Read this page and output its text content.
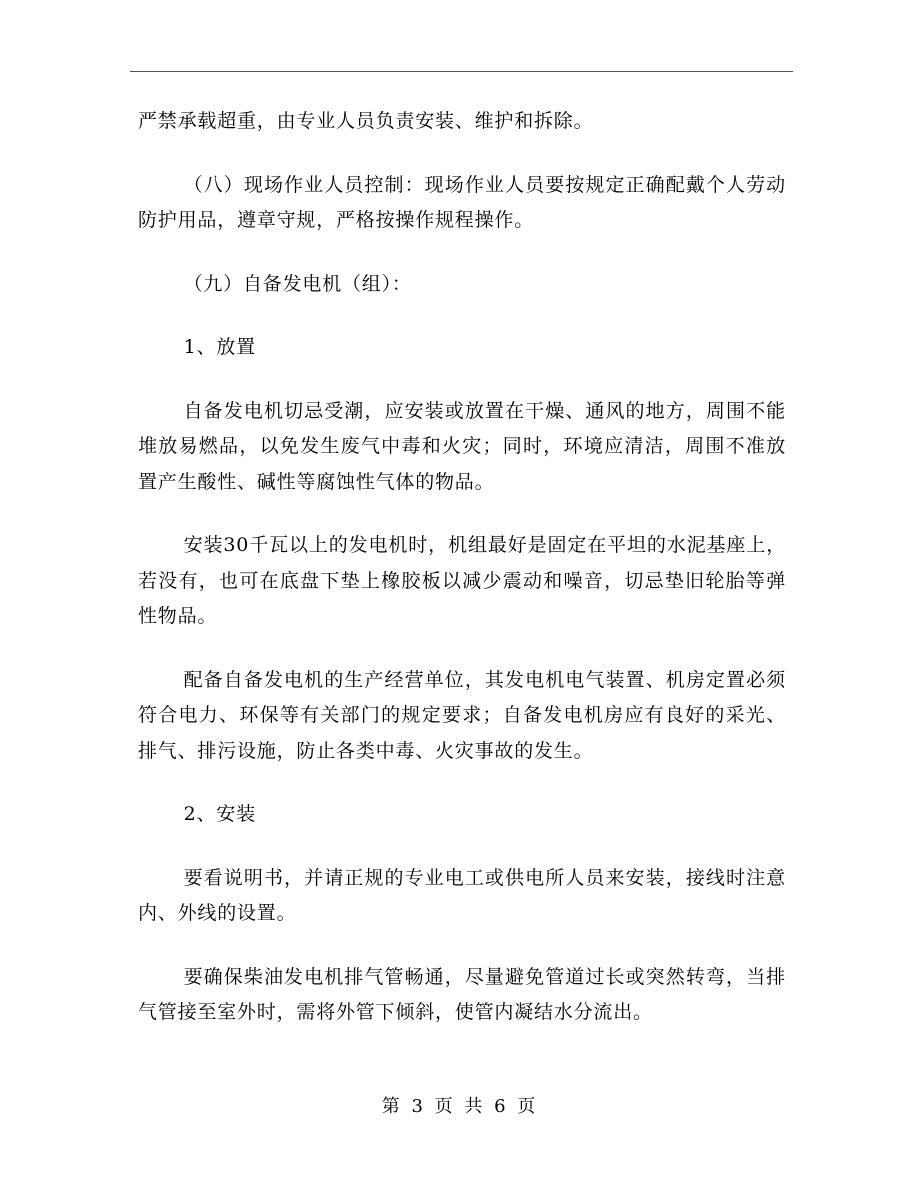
严禁承载超重，由专业人员负责安装、维护和拆除。

（八）现场作业人员控制：现场作业人员要按规定正确配戴个人劳动防护用品，遵章守规，严格按操作规程操作。

（九）自备发电机（组）：

1、放置

自备发电机切忌受潮，应安装或放置在干燥、通风的地方，周围不能堆放易燃品，以免发生废气中毒和火灾；同时，环境应清洁，周围不准放置产生酸性、碱性等腐蚀性气体的物品。

安装30千瓦以上的发电机时，机组最好是固定在平坦的水泥基座上，若没有，也可在底盘下垫上橡胶板以减少震动和噪音，切忌垫旧轮胎等弹性物品。

配备自备发电机的生产经营单位，其发电机电气装置、机房定置必须符合电力、环保等有关部门的规定要求；自备发电机房应有良好的采光、排气、排污设施，防止各类中毒、火灾事故的发生。

2、安装

要看说明书，并请正规的专业电工或供电所人员来安装，接线时注意内、外线的设置。

要确保柴油发电机排气管畅通，尽量避免管道过长或突然转弯，当排气管接至室外时，需将外管下倾斜，使管内凝结水分流出。

第 3 页 共 6 页
